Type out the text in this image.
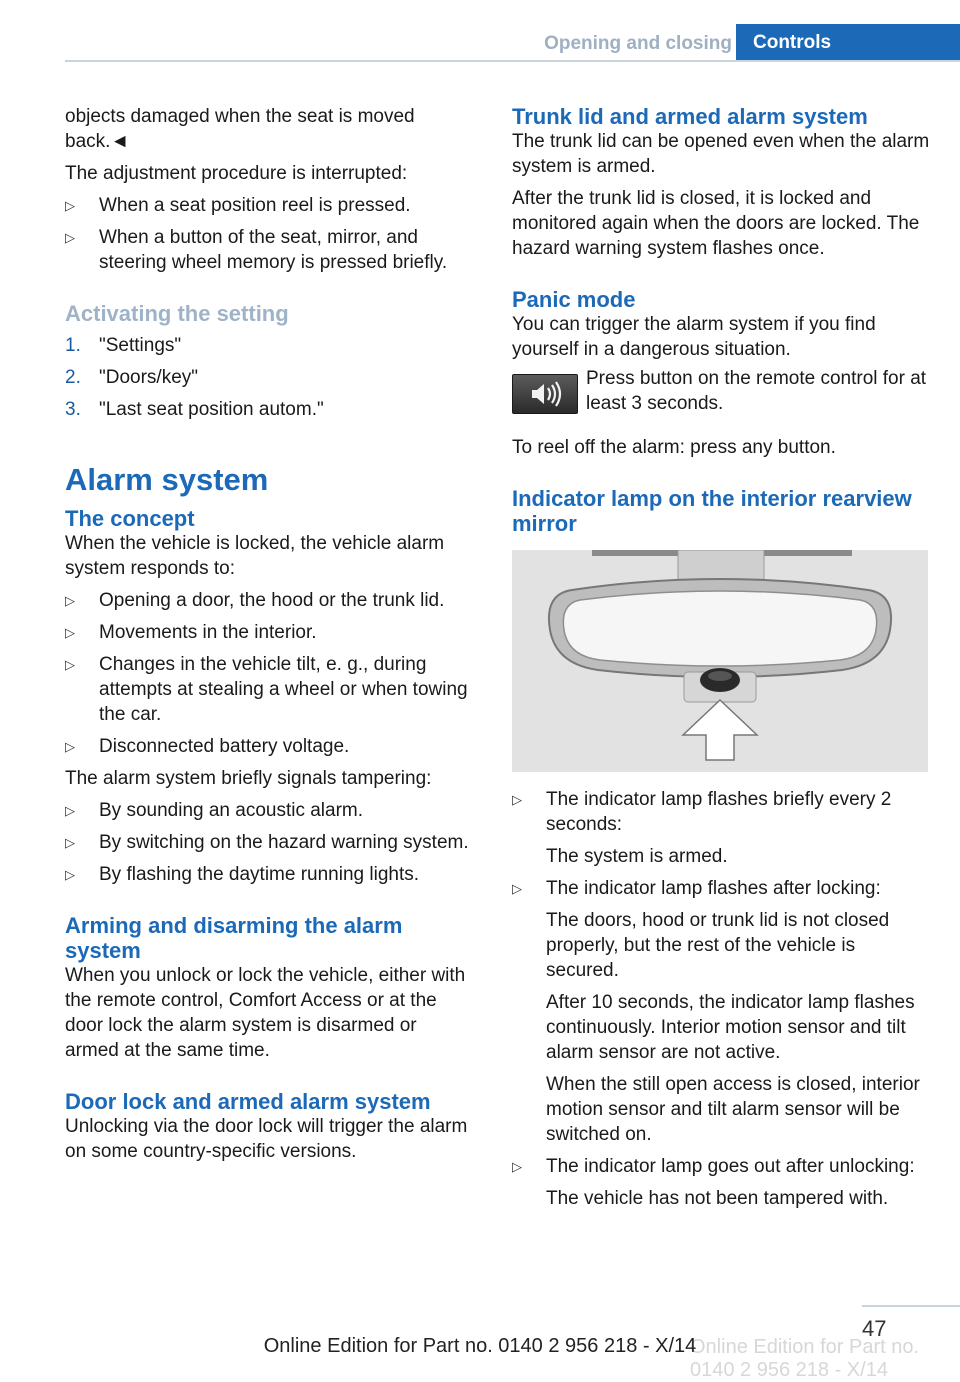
Opening and closing	Controls

objects damaged when the seat is moved back.◄

The adjustment procedure is interrupted:

▷ When a seat position reel is pressed.
▷ When a button of the seat, mirror, and steering wheel memory is pressed briefly.
Activating the setting
1. "Settings"
2. "Doors/key"
3. "Last seat position autom."
Alarm system
The concept

When the vehicle is locked, the vehicle alarm system responds to:

▷ Opening a door, the hood or the trunk lid.
▷ Movements in the interior.
▷ Changes in the vehicle tilt, e. g., during attempts at stealing a wheel or when towing the car.
▷ Disconnected battery voltage.

The alarm system briefly signals tampering:

▷ By sounding an acoustic alarm.
▷ By switching on the hazard warning system.
▷ By flashing the daytime running lights.
Arming and disarming the alarm system

When you unlock or lock the vehicle, either with the remote control, Comfort Access or at the door lock the alarm system is disarmed or armed at the same time.

Door lock and armed alarm system

Unlocking via the door lock will trigger the alarm on some country-specific versions.

Trunk lid and armed alarm system

The trunk lid can be opened even when the alarm system is armed.

After the trunk lid is closed, it is locked and monitored again when the doors are locked. The hazard warning system flashes once.

Panic mode

You can trigger the alarm system if you find yourself in a dangerous situation.

Press button on the remote control for at least 3 seconds.

To reel off the alarm: press any button.

Indicator lamp on the interior rearview mirror
▷ The indicator lamp flashes briefly every 2 seconds:
The system is armed.
▷ The indicator lamp flashes after locking:
The doors, hood or trunk lid is not closed properly, but the rest of the vehicle is secured.
After 10 seconds, the indicator lamp flashes continuously. Interior motion sensor and tilt alarm sensor are not active.
When the still open access is closed, interior motion sensor and tilt alarm sensor will be switched on.
▷ The indicator lamp goes out after unlocking:
The vehicle has not been tampered with.
47
Online Edition for Part no. 0140 2 956 218 - X/14
Online Edition for Part no. 0140 2 956 218 - X/14
